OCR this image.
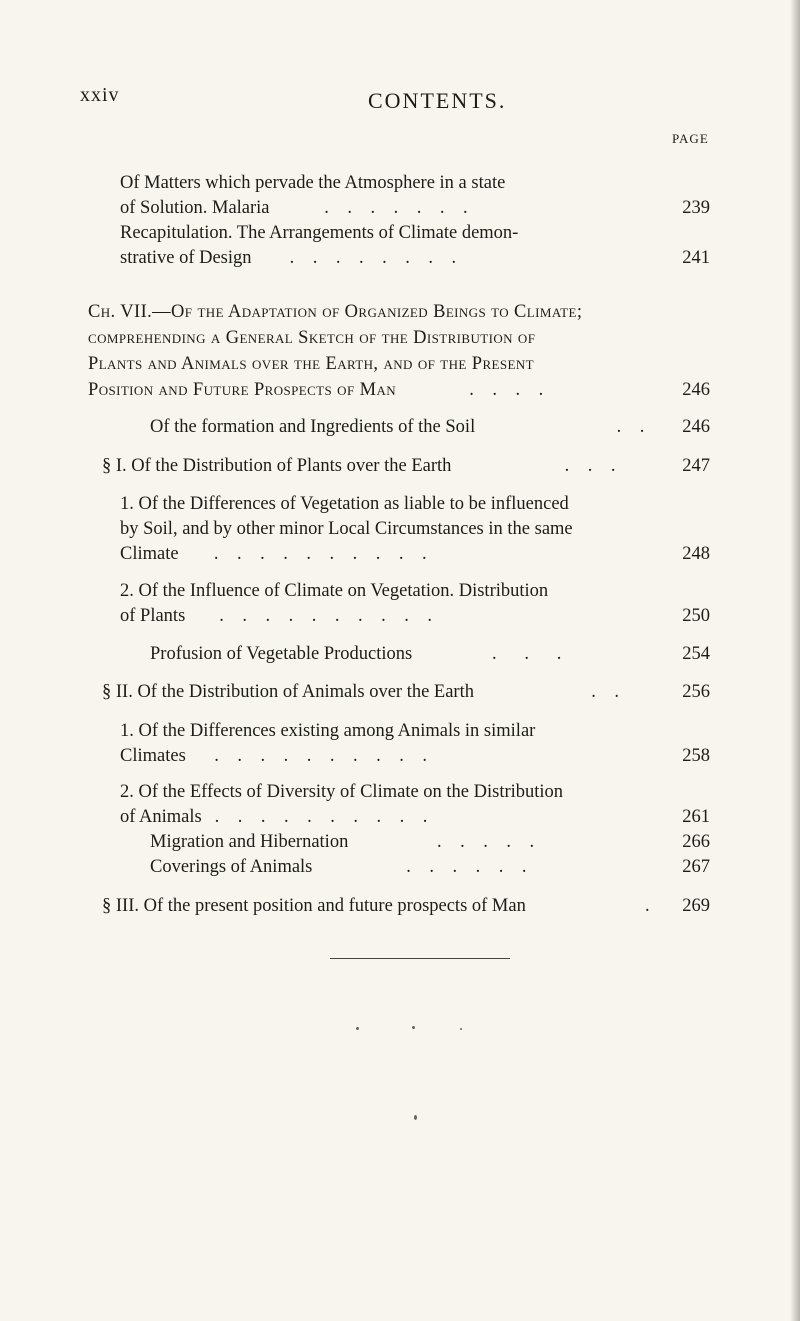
xxiv	CONTENTS.
PAGE
Of Matters which pervade the Atmosphere in a state
of Solution. Malaria .    .    .    .    .    .    .	239
Recapitulation. The Arrangements of Climate demon-
strative of Design .    .    .    .    .    .    .    .	241
Ch. VII.—Of the Adaptation of Organized Beings to Climate;
comprehending a General Sketch of the Distribution of
Plants and Animals over the Earth, and of the Present
Position and Future Prospects of Man	.    .    .    .	246
Of the formation and Ingredients of the Soil	.    .	246
§ I. Of the Distribution of Plants over the Earth	.    .    .	247
1. Of the Differences of Vegetation as liable to be influenced
by Soil, and by other minor Local Circumstances in the same
Climate .    .    .    .    .    .    .    .    .    .	248
2. Of the Influence of Climate on Vegetation. Distribution
of Plants .    .    .    .    .    .    .    .    .    .	250
Profusion of Vegetable Productions .      .      .	254
§ II. Of the Distribution of Animals over the Earth	.    .	256
1. Of the Differences existing among Animals in similar
Climates .    .    .    .    .    .    .    .    .    .	258
2. Of the Effects of Diversity of Climate on the Distribution
of Animals .    .    .    .    .    .    .    .    .    .	261
Migration and Hibernation	.    .    .    .    .	266
Coverings of Animals	.    .    .    .    .    .	267
§ III. Of the present position and future prospects of Man	.	269
